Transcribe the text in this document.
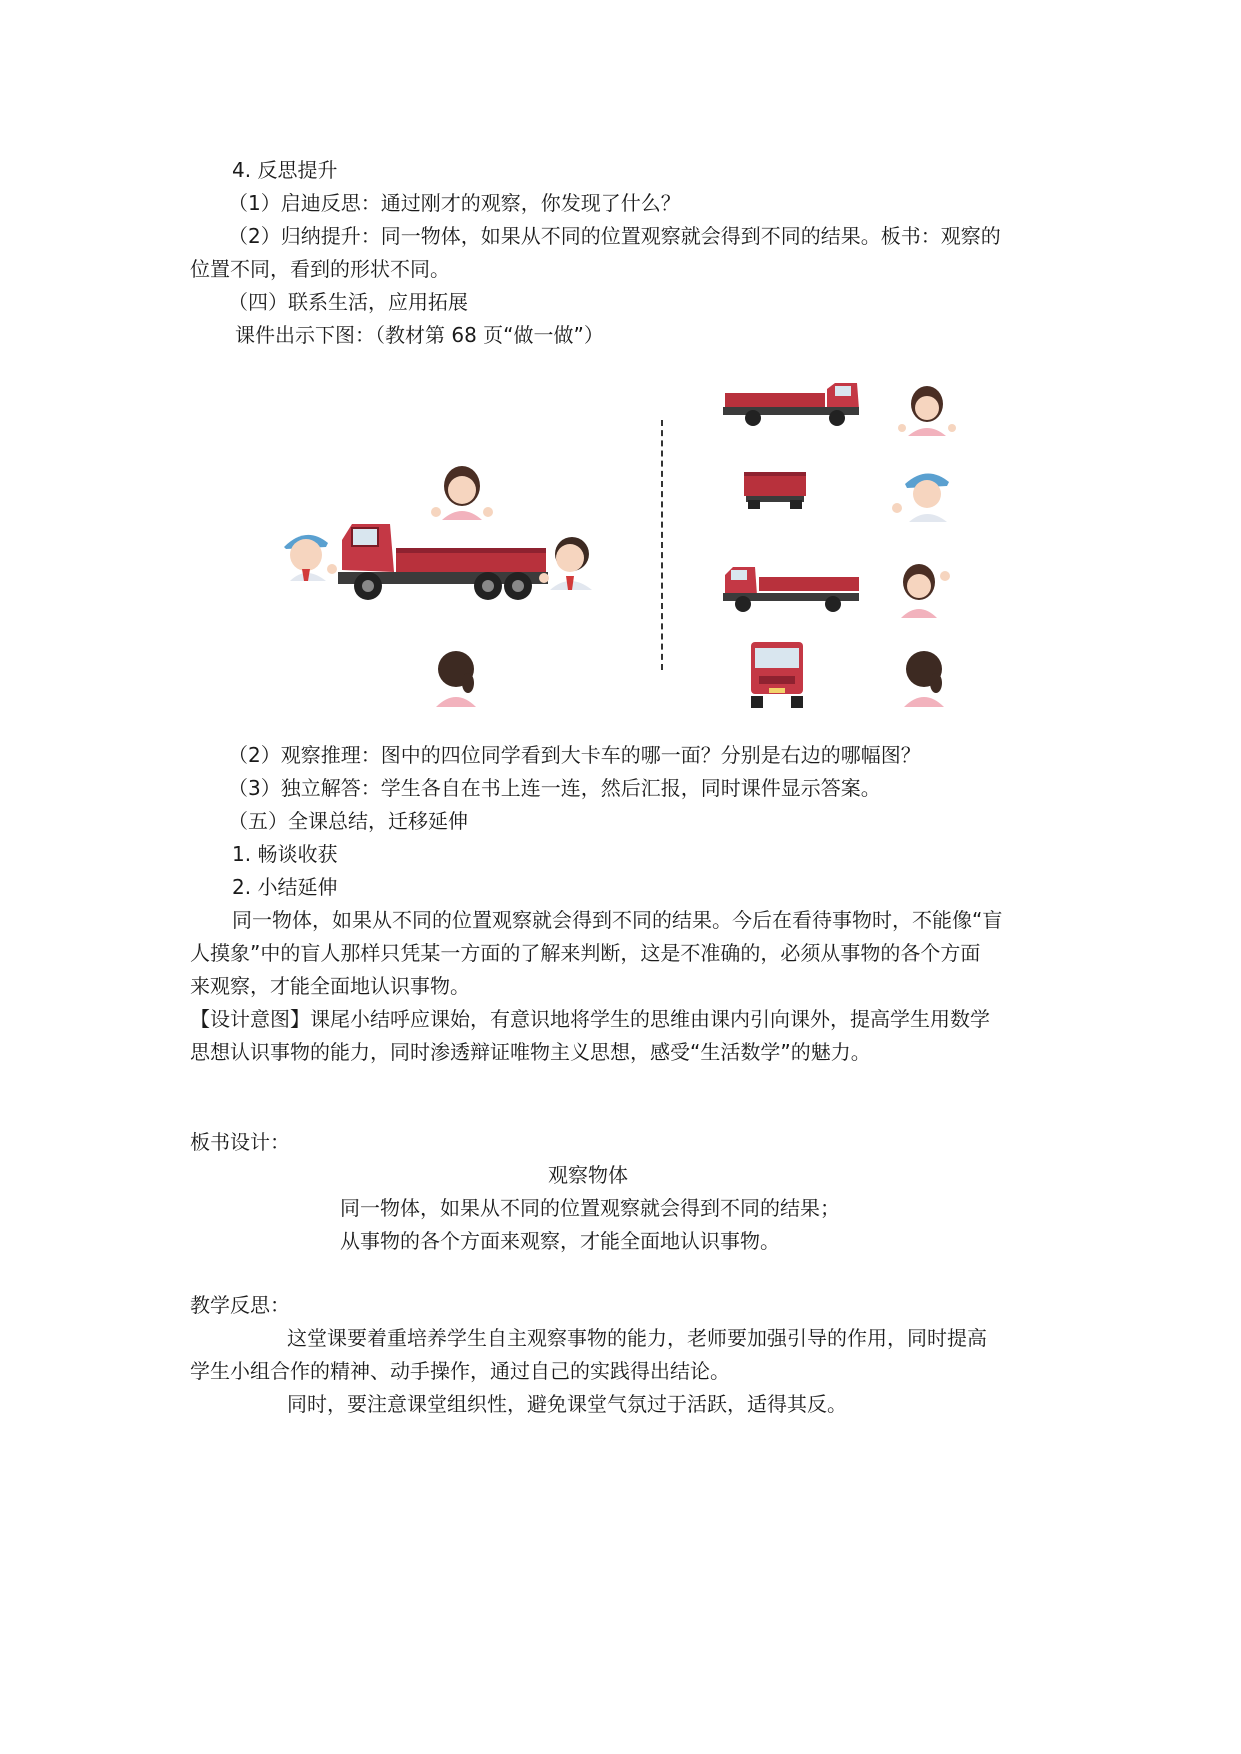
4. 反思提升
（1）启迪反思：通过刚才的观察，你发现了什么？
（2）归纳提升：同一物体，如果从不同的位置观察就会得到不同的结果。板书：观察的
位置不同，看到的形状不同。
（四）联系生活，应用拓展
课件出示下图：（教材第 68 页“做一做”）
（2）观察推理：图中的四位同学看到大卡车的哪一面？分别是右边的哪幅图？
（3）独立解答：学生各自在书上连一连，然后汇报，同时课件显示答案。
（五）全课总结，迁移延伸
1. 畅谈收获
2. 小结延伸
同一物体，如果从不同的位置观察就会得到不同的结果。今后在看待事物时，不能像“盲
人摸象”中的盲人那样只凭某一方面的了解来判断，这是不准确的，必须从事物的各个方面
来观察，才能全面地认识事物。
【设计意图】课尾小结呼应课始，有意识地将学生的思维由课内引向课外，提高学生用数学
思想认识事物的能力，同时渗透辩证唯物主义思想，感受“生活数学”的魅力。
板书设计：
观察物体
同一物体，如果从不同的位置观察就会得到不同的结果；
从事物的各个方面来观察，才能全面地认识事物。
教学反思：
这堂课要着重培养学生自主观察事物的能力，老师要加强引导的作用，同时提高
学生小组合作的精神、动手操作，通过自己的实践得出结论。
同时，要注意课堂组织性，避免课堂气氛过于活跃，适得其反。
